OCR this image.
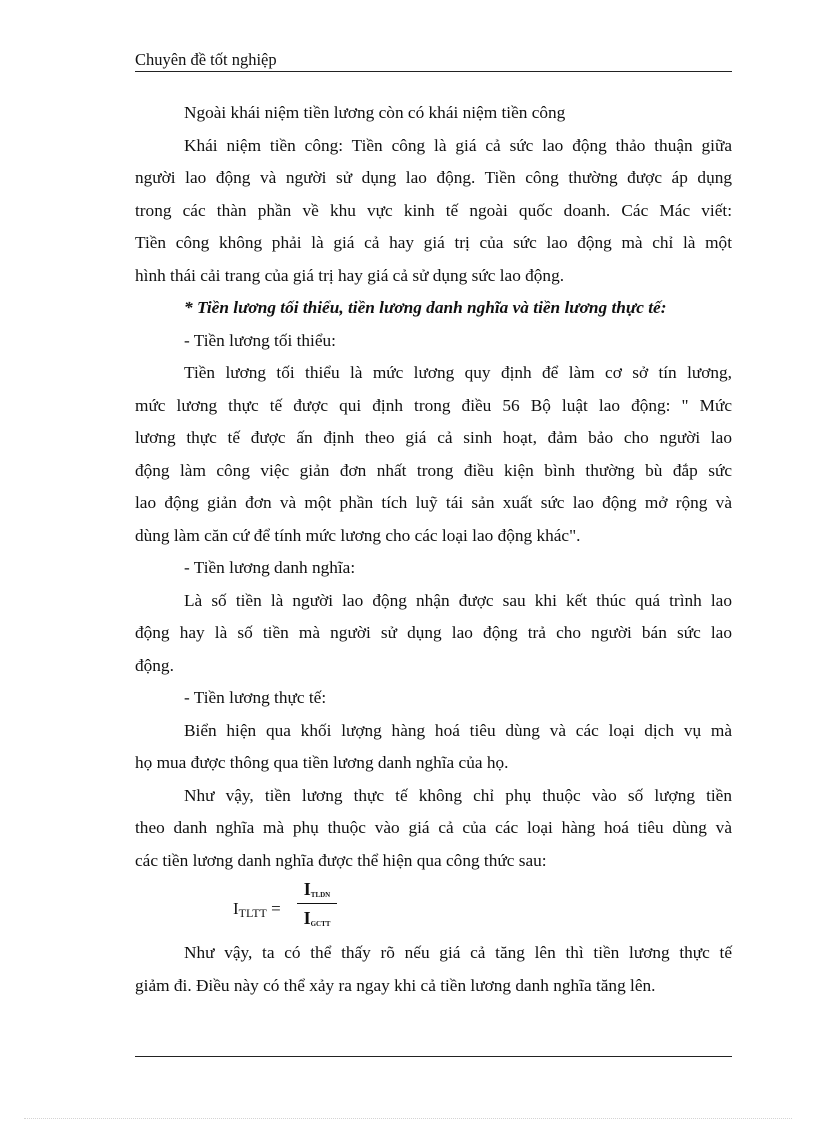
Chuyên đề tốt nghiệp
Ngoài khái niệm tiền lương còn có khái niệm tiền công
Khái niệm tiền công: Tiền công là giá cả sức lao động thảo thuận giữa
người lao động và người sử dụng lao động. Tiền công thường được áp dụng
trong các thàn phần về khu vực kinh tế ngoài quốc doanh. Các Mác viết:
Tiền công không phải là giá cả hay giá trị của sức lao động mà chỉ là một
hình thái cải trang của giá trị hay giá cả sử dụng sức lao động.
* Tiền lương tối thiểu, tiền lương danh nghĩa và tiền lương thực tế:
- Tiền lương tối thiểu:
Tiền lương tối thiểu là mức lương quy định để làm cơ sở tín lương,
mức lương thực tế được qui định trong điều 56 Bộ luật lao động: " Mức
lương thực tế được ấn định theo giá cả sinh hoạt, đảm bảo cho người lao
động làm công việc giản đơn nhất trong điều kiện bình thường bù đắp sức
lao động giản đơn và một phần tích luỹ tái sản xuất sức lao động mở rộng và
dùng làm căn cứ để tính mức lương cho các loại lao động khác".
- Tiền lương danh nghĩa:
Là số tiền là người lao động nhận được sau khi kết thúc quá trình lao
động hay là số tiền mà người sử dụng lao động trả cho người bán sức lao
động.
- Tiền lương thực tế:
Biển hiện qua khối lượng hàng hoá tiêu dùng và các loại dịch vụ mà
họ mua được thông qua tiền lương danh nghĩa của họ.
Như vậy, tiền lương thực tế không chỉ phụ thuộc vào số lượng tiền
theo danh nghĩa mà phụ thuộc vào giá cả của các loại hàng hoá tiêu dùng và
các tiền lương danh nghĩa được thể hiện qua công thức sau:
$I_{TLTT}$ =
$I_{TLDN}$
$I_{GCTT}$
Như vậy, ta có thể thấy rõ nếu giá cả tăng lên thì tiền lương thực tế
giảm đi. Điều này có thể xảy ra ngay khi cả tiền lương danh nghĩa tăng lên.
